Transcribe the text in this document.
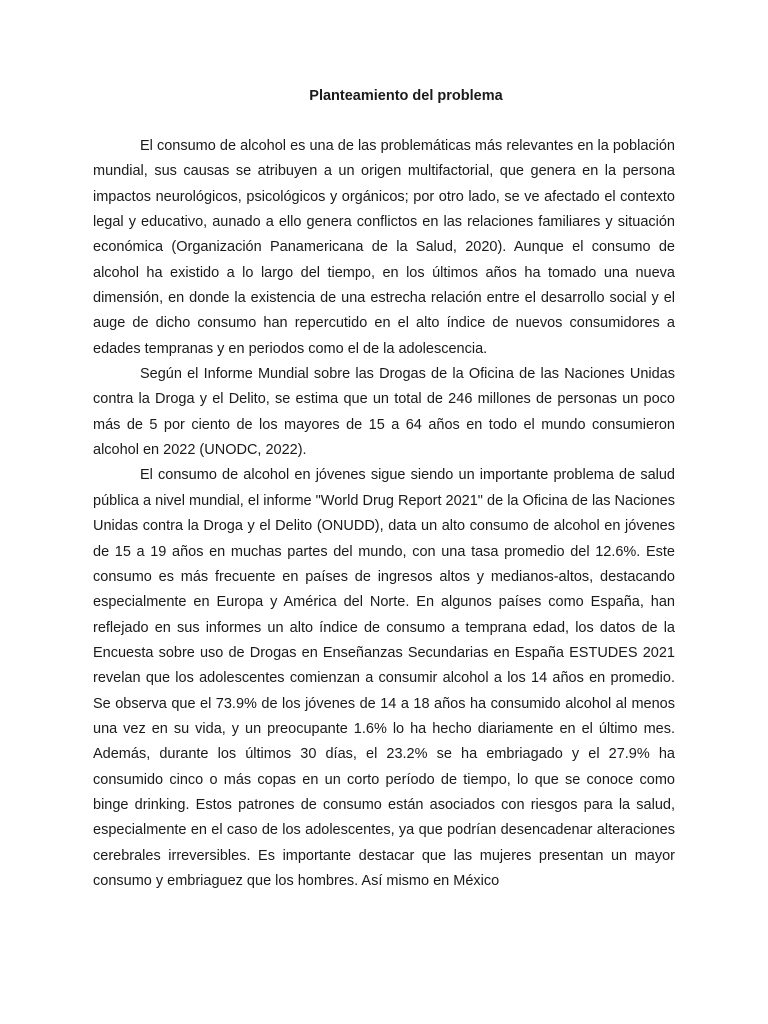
Planteamiento del problema

El consumo de alcohol es una de las problemáticas más relevantes en la población mundial, sus causas se atribuyen a un origen multifactorial, que genera en la persona impactos neurológicos, psicológicos y orgánicos; por otro lado, se ve afectado el contexto legal y educativo, aunado a ello genera conflictos en las relaciones familiares y situación económica (Organización Panamericana de la Salud, 2020). Aunque el consumo de alcohol ha existido a lo largo del tiempo, en los últimos años ha tomado una nueva dimensión, en donde la existencia de una estrecha relación entre el desarrollo social y el auge de dicho consumo han repercutido en el alto índice de nuevos consumidores a edades tempranas y en periodos como el de la adolescencia.

Según el Informe Mundial sobre las Drogas de la Oficina de las Naciones Unidas contra la Droga y el Delito, se estima que un total de 246 millones de personas un poco más de 5 por ciento de los mayores de 15 a 64 años en todo el mundo consumieron alcohol en 2022 (UNODC, 2022).

El consumo de alcohol en jóvenes sigue siendo un importante problema de salud pública a nivel mundial, el informe "World Drug Report 2021" de la Oficina de las Naciones Unidas contra la Droga y el Delito (ONUDD), data un alto consumo de alcohol en jóvenes de 15 a 19 años en muchas partes del mundo, con una tasa promedio del 12.6%. Este consumo es más frecuente en países de ingresos altos y medianos-altos, destacando especialmente en Europa y América del Norte. En algunos países como España, han reflejado en sus informes un alto índice de consumo a temprana edad, los datos de la Encuesta sobre uso de Drogas en Enseñanzas Secundarias en España ESTUDES 2021 revelan que los adolescentes comienzan a consumir alcohol a los 14 años en promedio. Se observa que el 73.9% de los jóvenes de 14 a 18 años ha consumido alcohol al menos una vez en su vida, y un preocupante 1.6% lo ha hecho diariamente en el último mes. Además, durante los últimos 30 días, el 23.2% se ha embriagado y el 27.9% ha consumido cinco o más copas en un corto período de tiempo, lo que se conoce como binge drinking. Estos patrones de consumo están asociados con riesgos para la salud, especialmente en el caso de los adolescentes, ya que podrían desencadenar alteraciones cerebrales irreversibles. Es importante destacar que las mujeres presentan un mayor consumo y embriaguez que los hombres. Así mismo en México
